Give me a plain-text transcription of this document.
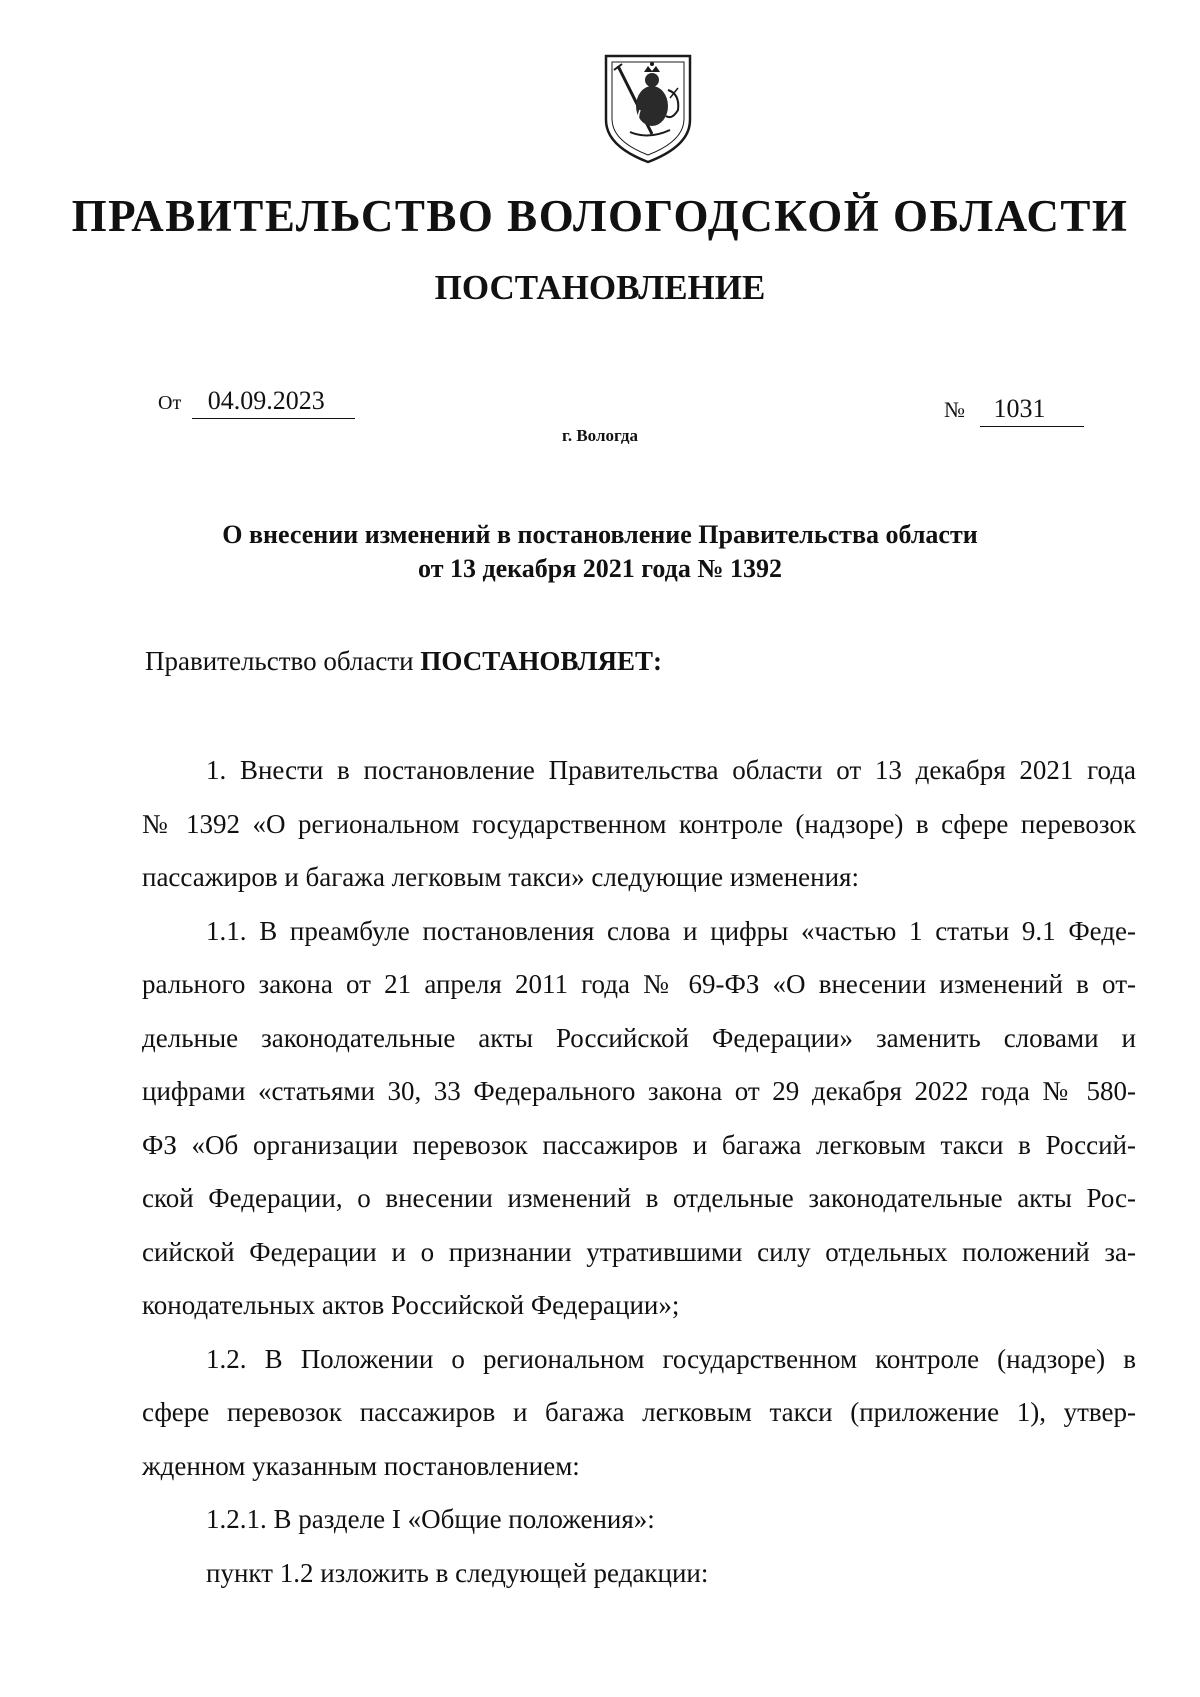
ПРАВИТЕЛЬСТВО ВОЛОГОДСКОЙ ОБЛАСТИ
ПОСТАНОВЛЕНИЕ
От 04.09.2023	№ 1031
г. Вологда
О внесении изменений в постановление Правительства области
от 13 декабря 2021 года № 1392
Правительство области ПОСТАНОВЛЯЕТ:
1. Внести в постановление Правительства области от 13 декабря 2021 года
№ 1392 «О региональном государственном контроле (надзоре) в сфере перевозок
пассажиров и багажа легковым такси» следующие изменения:
1.1. В преамбуле постановления слова и цифры «частью 1 статьи 9.1 Феде-
рального закона от 21 апреля 2011 года № 69-ФЗ «О внесении изменений в от-
дельные законодательные акты Российской Федерации» заменить словами и
цифрами «статьями 30, 33 Федерального закона от 29 декабря 2022 года № 580-
ФЗ «Об организации перевозок пассажиров и багажа легковым такси в Россий-
ской Федерации, о внесении изменений в отдельные законодательные акты Рос-
сийской Федерации и о признании утратившими силу отдельных положений за-
конодательных актов Российской Федерации»;
1.2. В Положении о региональном государственном контроле (надзоре) в
сфере перевозок пассажиров и багажа легковым такси (приложение 1), утвер-
жденном указанным постановлением:
1.2.1. В разделе I «Общие положения»:
пункт 1.2 изложить в следующей редакции:
